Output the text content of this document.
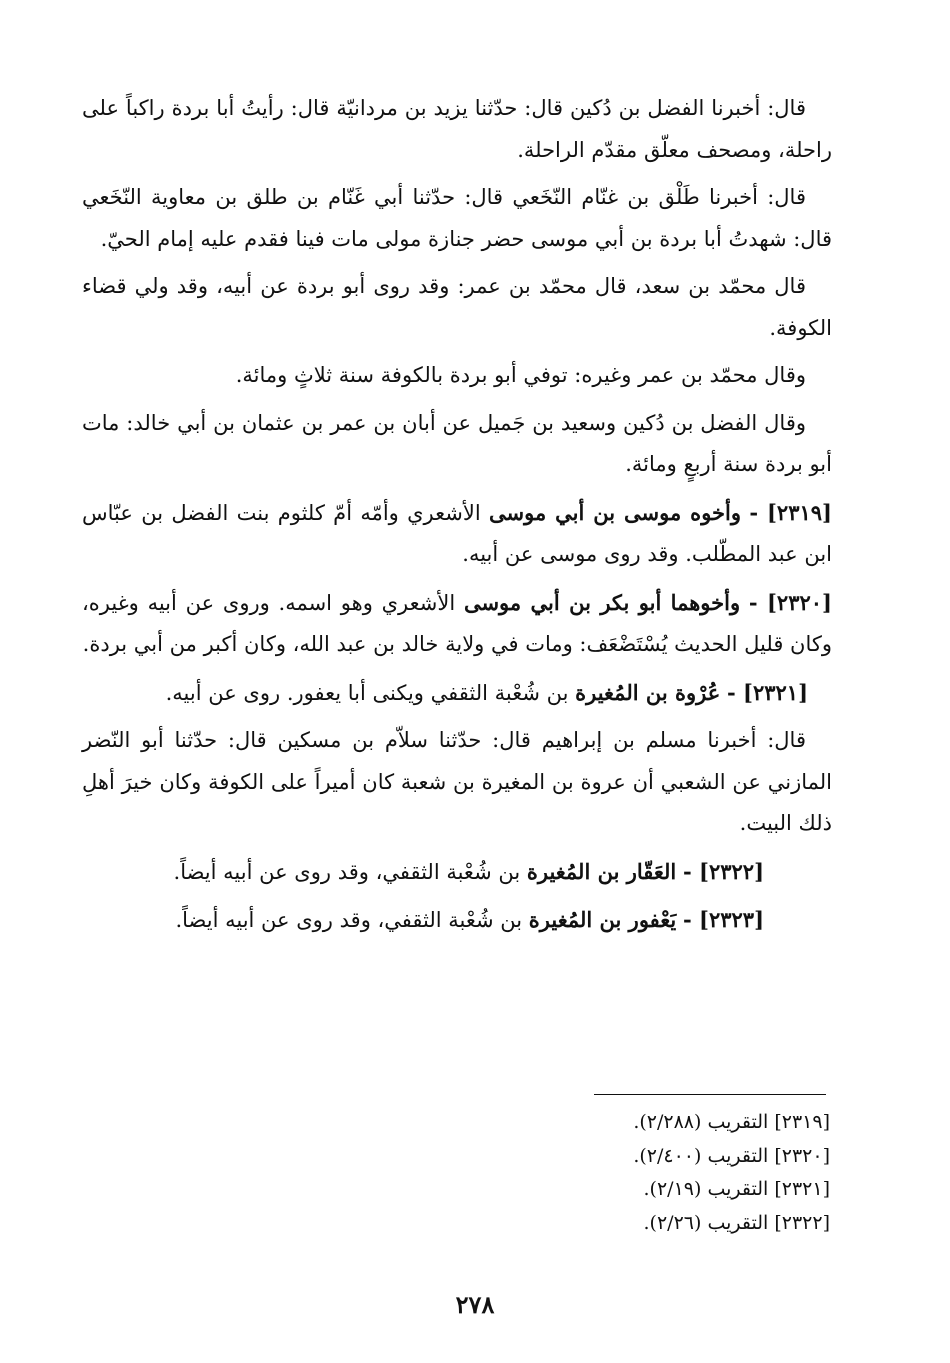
قال: أخبرنا الفضل بن دُكين قال: حدّثنا يزيد بن مردانيّة قال: رأيتُ أبا بردة راكباً على راحلة، ومصحف معلّق مقدّم الراحلة.

قال: أخبرنا طَلْق بن غنّام النّخَعي قال: حدّثنا أبي غَنّام بن طلق بن معاوية النّخَعي قال: شهدتُ أبا بردة بن أبي موسى حضر جنازة مولى مات فينا فقدم عليه إمام الحيّ.

قال محمّد بن سعد، قال محمّد بن عمر: وقد روى أبو بردة عن أبيه، وقد ولي قضاء الكوفة.

وقال محمّد بن عمر وغيره: توفي أبو بردة بالكوفة سنة ثلاثٍ ومائة.

وقال الفضل بن دُكين وسعيد بن جَميل عن أبان بن عمر بن عثمان بن أبي خالد: مات أبو بردة سنة أربعٍ ومائة.

[٢٣١٩] - وأخوه موسى بن أبي موسى الأشعري وأمّه أمّ كلثوم بنت الفضل بن عبّاس ابن عبد المطّلب. وقد روى موسى عن أبيه.

[٢٣٢٠] - وأخوهما أبو بكر بن أبي موسى الأشعري وهو اسمه. وروى عن أبيه وغيره، وكان قليل الحديث يُسْتَضْعَف: ومات في ولاية خالد بن عبد الله، وكان أكبر من أبي بردة.

[٢٣٢١] - عُرْوة بن المُغيرة بن شُعْبة الثقفي ويكنى أبا يعفور. روى عن أبيه.

قال: أخبرنا مسلم بن إبراهيم قال: حدّثنا سلاّم بن مسكين قال: حدّثنا أبو النّضر المازني عن الشعبي أن عروة بن المغيرة بن شعبة كان أميراً على الكوفة وكان خيرَ أهلِ ذلك البيت.

[٢٣٢٢] - العَقّار بن المُغيرة بن شُعْبة الثقفي، وقد روى عن أبيه أيضاً.

[٢٣٢٣] - يَعْفور بن المُغيرة بن شُعْبة الثقفي، وقد روى عن أبيه أيضاً.

[٢٣١٩] التقريب (٢/٢٨٨).
[٢٣٢٠] التقريب (٢/٤٠٠).
[٢٣٢١] التقريب (٢/١٩).
[٢٣٢٢] التقريب (٢/٢٦).
٢٧٨
